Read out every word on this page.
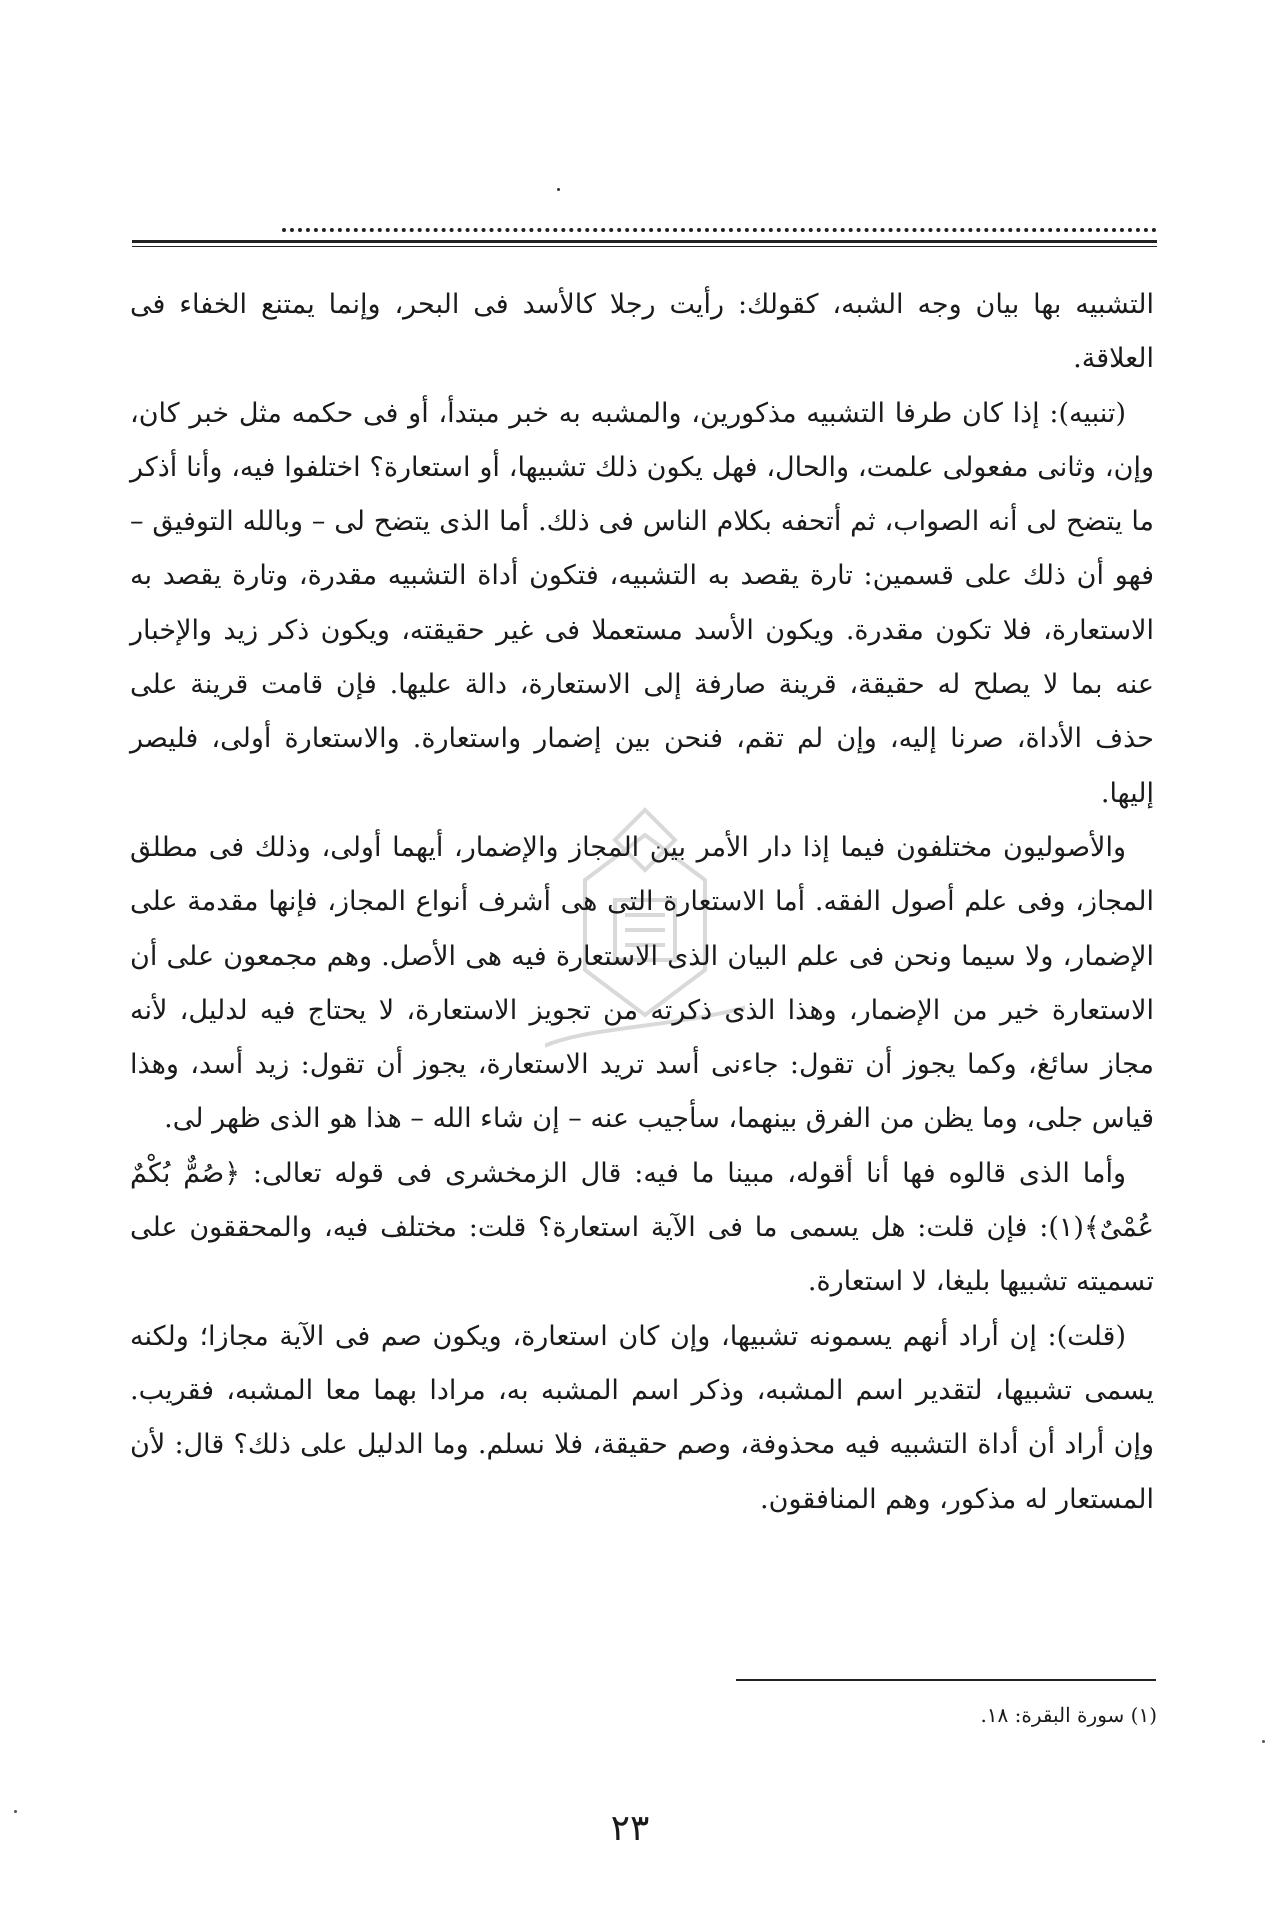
التشبيه بها بيان وجه الشبه، كقولك: رأيت رجلا كالأسد فى البحر، وإنما يمتنع الخفاء فى العلاقة.

(تنبيه): إذا كان طرفا التشبيه مذكورين، والمشبه به خبر مبتدأ، أو فى حكمه مثل خبر كان، وإن، وثانى مفعولى علمت، والحال، فهل يكون ذلك تشبيها، أو استعارة؟ اختلفوا فيه، وأنا أذكر ما يتضح لى أنه الصواب، ثم أتحفه بكلام الناس فى ذلك. أما الذى يتضح لى – وبالله التوفيق – فهو أن ذلك على قسمين: تارة يقصد به التشبيه، فتكون أداة التشبيه مقدرة، وتارة يقصد به الاستعارة، فلا تكون مقدرة. ويكون الأسد مستعملا فى غير حقيقته، ويكون ذكر زيد والإخبار عنه بما لا يصلح له حقيقة، قرينة صارفة إلى الاستعارة، دالة عليها. فإن قامت قرينة على حذف الأداة، صرنا إليه، وإن لم تقم، فنحن بين إضمار واستعارة. والاستعارة أولى، فليصر إليها.

والأصوليون مختلفون فيما إذا دار الأمر بين المجاز والإضمار، أيهما أولى، وذلك فى مطلق المجاز، وفى علم أصول الفقه. أما الاستعارة التى هى أشرف أنواع المجاز، فإنها مقدمة على الإضمار، ولا سيما ونحن فى علم البيان الذى الاستعارة فيه هى الأصل. وهم مجمعون على أن الاستعارة خير من الإضمار، وهذا الذى ذكرته من تجويز الاستعارة، لا يحتاج فيه لدليل، لأنه مجاز سائغ، وكما يجوز أن تقول: جاءنى أسد تريد الاستعارة، يجوز أن تقول: زيد أسد، وهذا قياس جلى، وما يظن من الفرق بينهما، سأجيب عنه – إن شاء الله – هذا هو الذى ظهر لى.

وأما الذى قالوه فها أنا أقوله، مبينا ما فيه: قال الزمخشرى فى قوله تعالى: ﴿صُمٌّ بُكْمٌ عُمْىٌ﴾(١): فإن قلت: هل يسمى ما فى الآية استعارة؟ قلت: مختلف فيه، والمحققون على تسميته تشبيها بليغا، لا استعارة.

(قلت): إن أراد أنهم يسمونه تشبيها، وإن كان استعارة، ويكون صم فى الآية مجازا؛ ولكنه يسمى تشبيها، لتقدير اسم المشبه، وذكر اسم المشبه به، مرادا بهما معا المشبه، فقريب. وإن أراد أن أداة التشبيه فيه محذوفة، وصم حقيقة، فلا نسلم. وما الدليل على ذلك؟ قال: لأن المستعار له مذكور، وهم المنافقون.

(١) سورة البقرة: ١٨.

٢٣
